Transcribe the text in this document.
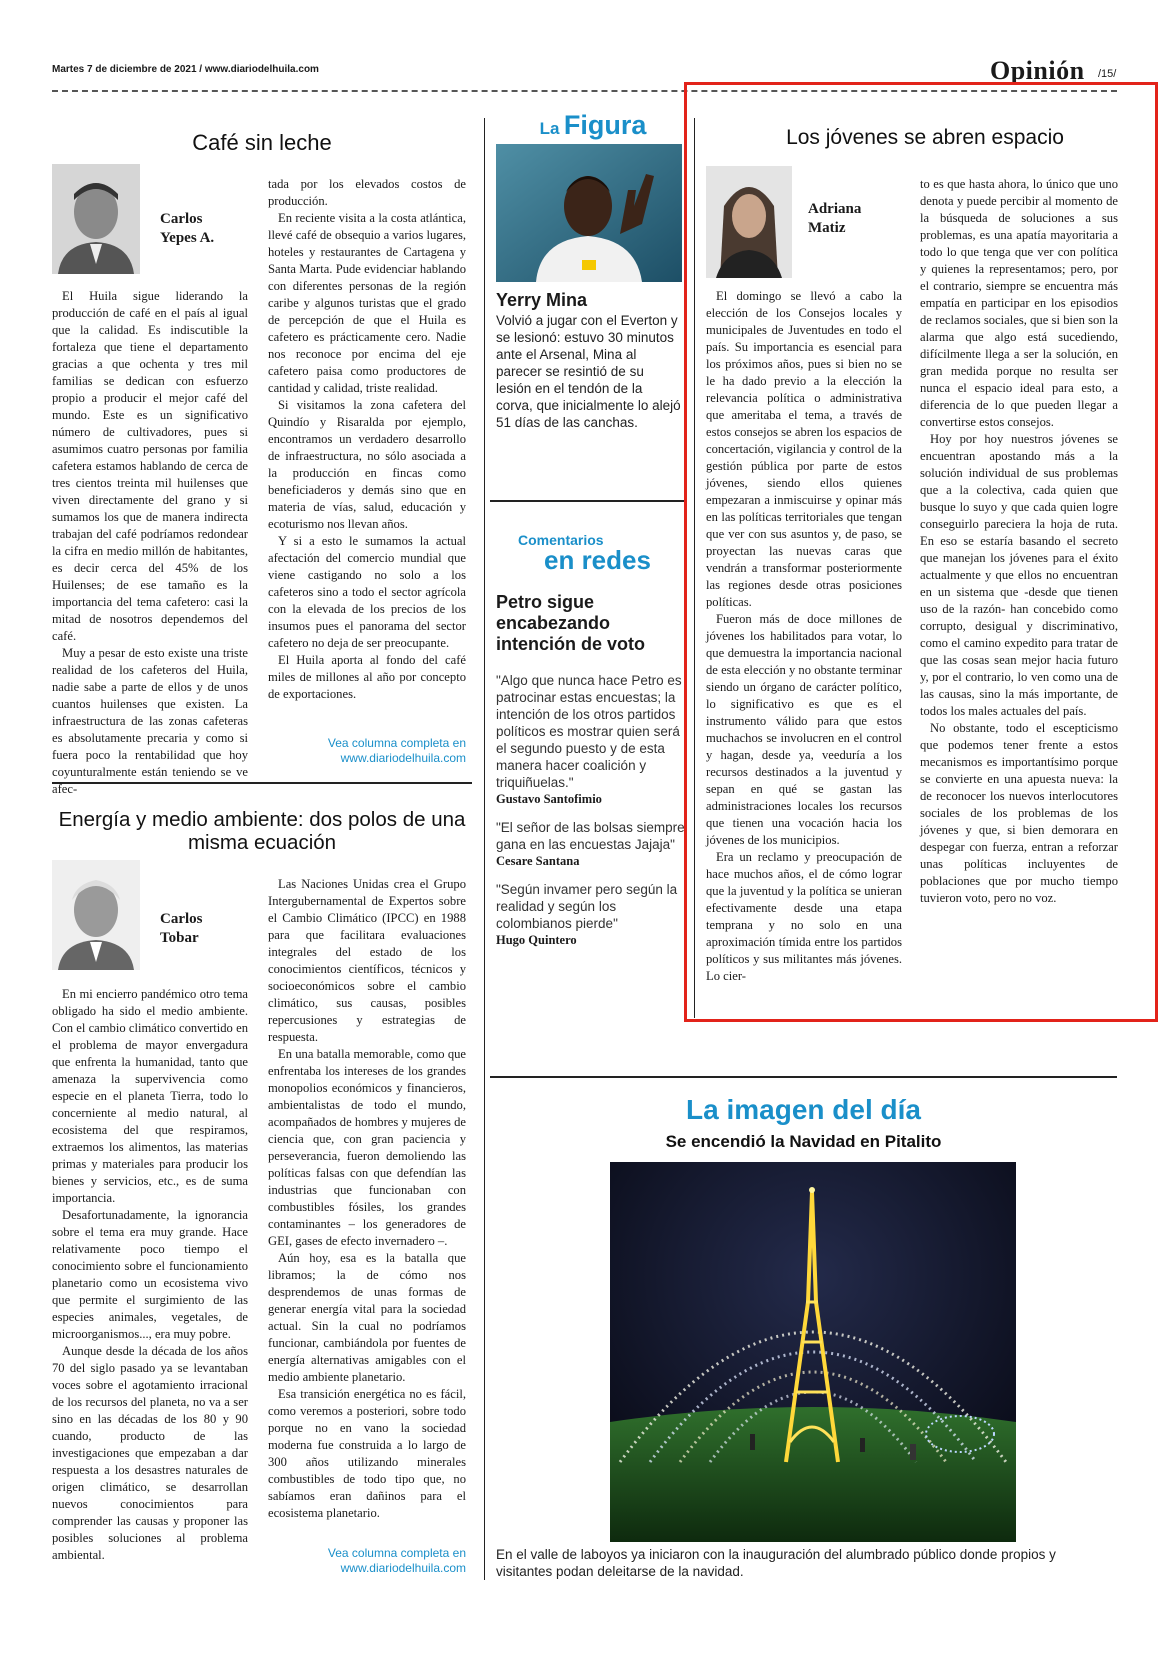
Martes 7 de diciembre de 2021 / www.diariodelhuila.com	Opinión /15/
Café sin leche
Carlos Yepes A.

El Huila sigue liderando la producción de café en el país al igual que la calidad. Es indiscutible la fortaleza que tiene el departamento gracias a que ochenta y tres mil familias se dedican con esfuerzo propio a producir el mejor café del mundo. Este es un significativo número de cultivadores, pues si asumimos cuatro personas por familia cafetera estamos hablando de cerca de tres cientos treinta mil huilenses que viven directamente del grano y si sumamos los que de manera indirecta trabajan del café podríamos redondear la cifra en medio millón de habitantes, es decir cerca del 45% de los Huilenses; de ese tamaño es la importancia del tema cafetero: casi la mitad de nosotros dependemos del café.

Muy a pesar de esto existe una triste realidad de los cafeteros del Huila, nadie sabe a parte de ellos y de unos cuantos huilenses que existen. La infraestructura de las zonas cafeteras es absolutamente precaria y como si fuera poco la rentabilidad que hoy coyunturalmente están teniendo se ve afec-

tada por los elevados costos de producción.

En reciente visita a la costa atlántica, llevé café de obsequio a varios lugares, hoteles y restaurantes de Cartagena y Santa Marta. Pude evidenciar hablando con diferentes personas de la región caribe y algunos turistas que el grado de percepción de que el Huila es cafetero es prácticamente cero. Nadie nos reconoce por encima del eje cafetero paisa como productores de cantidad y calidad, triste realidad.

Si visitamos la zona cafetera del Quindío y Risaralda por ejemplo, encontramos un verdadero desarrollo de infraestructura, no sólo asociada a la producción en fincas como beneficiaderos y demás sino que en materia de vías, salud, educación y ecoturismo nos llevan años.

Y si a esto le sumamos la actual afectación del comercio mundial que viene castigando no solo a los cafeteros sino a todo el sector agrícola con la elevada de los precios de los insumos pues el panorama del sector cafetero no deja de ser preocupante.

El Huila aporta al fondo del café miles de millones al año por concepto de exportaciones.

Vea columna completa en
www.diariodelhuila.com
Energía y medio ambiente: dos polos de una misma ecuación
Carlos Tobar

En mi encierro pandémico otro tema obligado ha sido el medio ambiente. Con el cambio climático convertido en el problema de mayor envergadura que enfrenta la humanidad, tanto que amenaza la supervivencia como especie en el planeta Tierra, todo lo concerniente al medio natural, al ecosistema del que respiramos, extraemos los alimentos, las materias primas y materiales para producir los bienes y servicios, etc., es de suma importancia.

Desafortunadamente, la ignorancia sobre el tema era muy grande. Hace relativamente poco tiempo el conocimiento sobre el funcionamiento planetario como un ecosistema vivo que permite el surgimiento de las especies animales, vegetales, de microorganismos..., era muy pobre.

Aunque desde la década de los años 70 del siglo pasado ya se levantaban voces sobre el agotamiento irracional de los recursos del planeta, no va a ser sino en las décadas de los 80 y 90 cuando, producto de las investigaciones que empezaban a dar respuesta a los desastres naturales de origen climático, se desarrollan nuevos conocimientos para comprender las causas y proponer las posibles soluciones al problema ambiental.

Las Naciones Unidas crea el Grupo Intergubernamental de Expertos sobre el Cambio Climático (IPCC) en 1988 para que facilitara evaluaciones integrales del estado de los conocimientos científicos, técnicos y socioeconómicos sobre el cambio climático, sus causas, posibles repercusiones y estrategias de respuesta.

En una batalla memorable, como que enfrentaba los intereses de los grandes monopolios económicos y financieros, ambientalistas de todo el mundo, acompañados de hombres y mujeres de ciencia que, con gran paciencia y perseverancia, fueron demoliendo las políticas falsas con que defendían las industrias que funcionaban con combustibles fósiles, los grandes contaminantes – los generadores de GEI, gases de efecto invernadero –.

Aún hoy, esa es la batalla que libramos; la de cómo nos desprendemos de unas formas de generar energía vital para la sociedad actual. Sin la cual no podríamos funcionar, cambiándola por fuentes de energía alternativas amigables con el medio ambiente planetario.

Esa transición energética no es fácil, como veremos a posteriori, sobre todo porque no en vano la sociedad moderna fue construida a lo largo de 300 años utilizando minerales combustibles de todo tipo que, no sabíamos eran dañinos para el ecosistema planetario.

Vea columna completa en
www.diariodelhuila.com
La Figura
Yerry Mina
Volvió a jugar con el Everton y se lesionó: estuvo 30 minutos ante el Arsenal, Mina al parecer se resintió de su lesión en el tendón de la corva, que inicialmente lo alejó 51 días de las canchas.
Comentarios
en redes
Petro sigue encabezando intención de voto
"Algo que nunca hace Petro es patrocinar estas encuestas; la intención de los otros partidos políticos es mostrar quien será el segundo puesto y de esta manera hacer coalición y triquiñuelas."
Gustavo Santofimio
"El señor de las bolsas siempre gana en las encuestas Jajaja"
Cesare Santana
"Según invamer pero según la realidad y según los colombianos pierde"
Hugo Quintero
Los jóvenes se abren espacio
Adriana Matiz

El domingo se llevó a cabo la elección de los Consejos locales y municipales de Juventudes en todo el país. Su importancia es esencial para los próximos años, pues si bien no se le ha dado previo a la elección la relevancia política o administrativa que ameritaba el tema, a través de estos consejos se abren los espacios de concertación, vigilancia y control de la gestión pública por parte de estos jóvenes, siendo ellos quienes empezaran a inmiscuirse y opinar más en las políticas territoriales que tengan que ver con sus asuntos y, de paso, se proyectan las nuevas caras que vendrán a transformar posteriormente las regiones desde otras posiciones políticas.

Fueron más de doce millones de jóvenes los habilitados para votar, lo que demuestra la importancia nacional de esta elección y no obstante terminar siendo un órgano de carácter político, lo significativo es que es el instrumento válido para que estos muchachos se involucren en el control y hagan, desde ya, veeduría a los recursos destinados a la juventud y sepan en qué se gastan las administraciones locales los recursos que tienen una vocación hacia los jóvenes de los municipios.

Era un reclamo y preocupación de hace muchos años, el de cómo lograr que la juventud y la política se unieran efectivamente desde una etapa temprana y no solo en una aproximación tímida entre los partidos políticos y sus militantes más jóvenes. Lo cier-

to es que hasta ahora, lo único que uno denota y puede percibir al momento de la búsqueda de soluciones a sus problemas, es una apatía mayoritaria a todo lo que tenga que ver con política y quienes la representamos; pero, por el contrario, siempre se encuentra más empatía en participar en los episodios de reclamos sociales, que si bien son la alarma que algo está sucediendo, difícilmente llega a ser la solución, en gran medida porque no resulta ser nunca el espacio ideal para esto, a diferencia de lo que pueden llegar a convertirse estos consejos.

Hoy por hoy nuestros jóvenes se encuentran apostando más a la solución individual de sus problemas que a la colectiva, cada quien que busque lo suyo y que cada quien logre conseguirlo pareciera la hoja de ruta. En eso se estaría basando el secreto que manejan los jóvenes para el éxito actualmente y que ellos no encuentran en un sistema que -desde que tienen uso de la razón- han concebido como corrupto, desigual y discriminativo, como el camino expedito para tratar de que las cosas sean mejor hacia futuro y, por el contrario, lo ven como una de las causas, sino la más importante, de todos los males actuales del país.

No obstante, todo el escepticismo que podemos tener frente a estos mecanismos es importantísimo porque se convierte en una apuesta nueva: la de reconocer los nuevos interlocutores sociales de los problemas de los jóvenes y que, si bien demorara en despegar con fuerza, entran a reforzar unas políticas incluyentes de poblaciones que por mucho tiempo tuvieron voto, pero no voz.

La imagen del día
Se encendió la Navidad en Pitalito
En el valle de laboyos ya iniciaron con la inauguración del alumbrado público donde propios y visitantes podan deleitarse de la navidad.
